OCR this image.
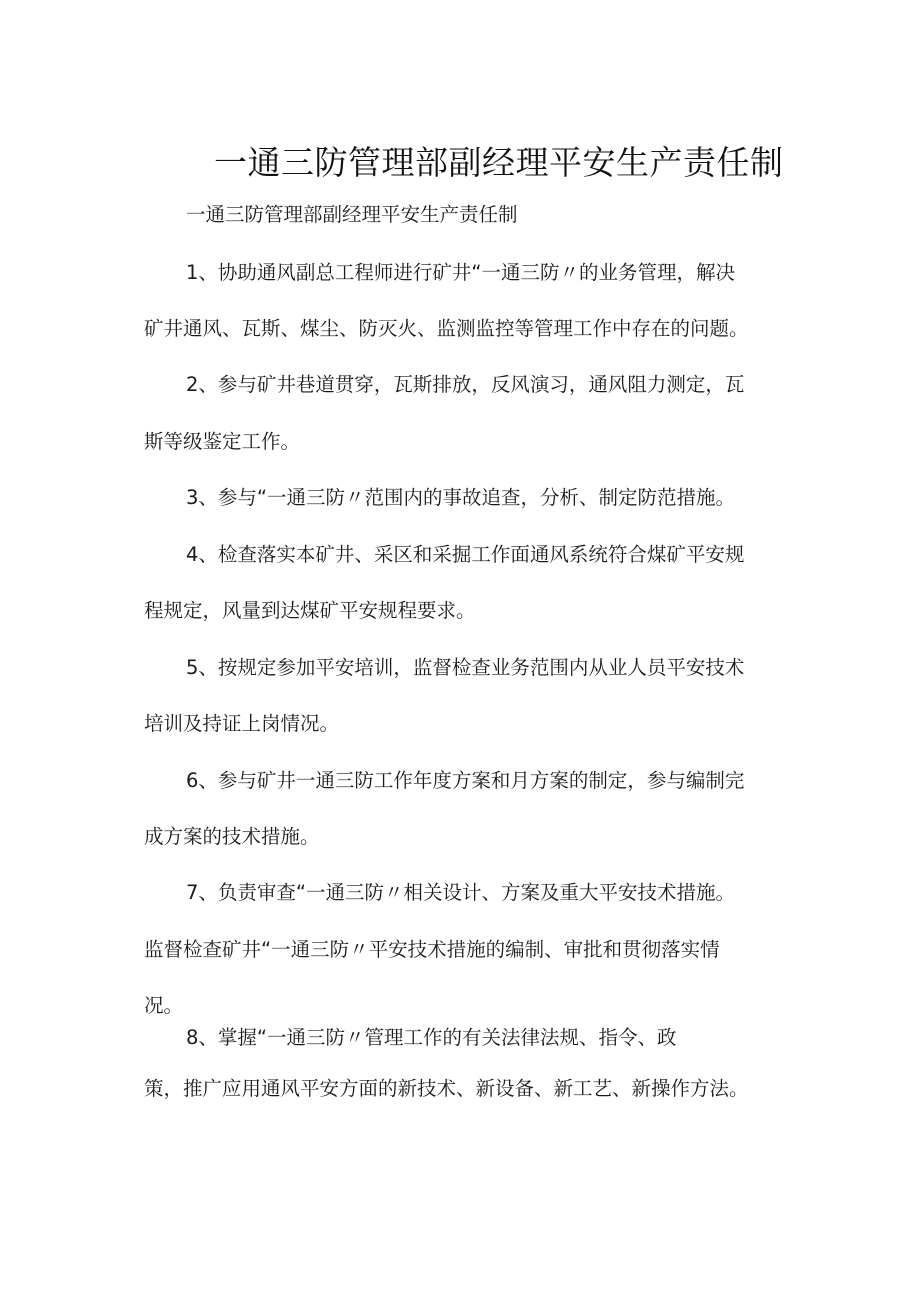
一通三防管理部副经理平安生产责任制
一通三防管理部副经理平安生产责任制
1、协助通风副总工程师进行矿井“一通三防〃的业务管理，解决
矿井通风、瓦斯、煤尘、防灭火、监测监控等管理工作中存在的问题。
2、参与矿井巷道贯穿，瓦斯排放，反风演习，通风阻力测定，瓦
斯等级鉴定工作。
3、参与“一通三防〃范围内的事故追查，分析、制定防范措施。
4、检查落实本矿井、采区和采掘工作面通风系统符合煤矿平安规
程规定，风量到达煤矿平安规程要求。
5、按规定参加平安培训，监督检查业务范围内从业人员平安技术
培训及持证上岗情况。
6、参与矿井一通三防工作年度方案和月方案的制定，参与编制完
成方案的技术措施。
7、负责审查“一通三防〃相关设计、方案及重大平安技术措施。
监督检查矿井“一通三防〃平安技术措施的编制、审批和贯彻落实情
况。
8、掌握“一通三防〃管理工作的有关法律法规、指令、政
策，推广应用通风平安方面的新技术、新设备、新工艺、新操作方法。
